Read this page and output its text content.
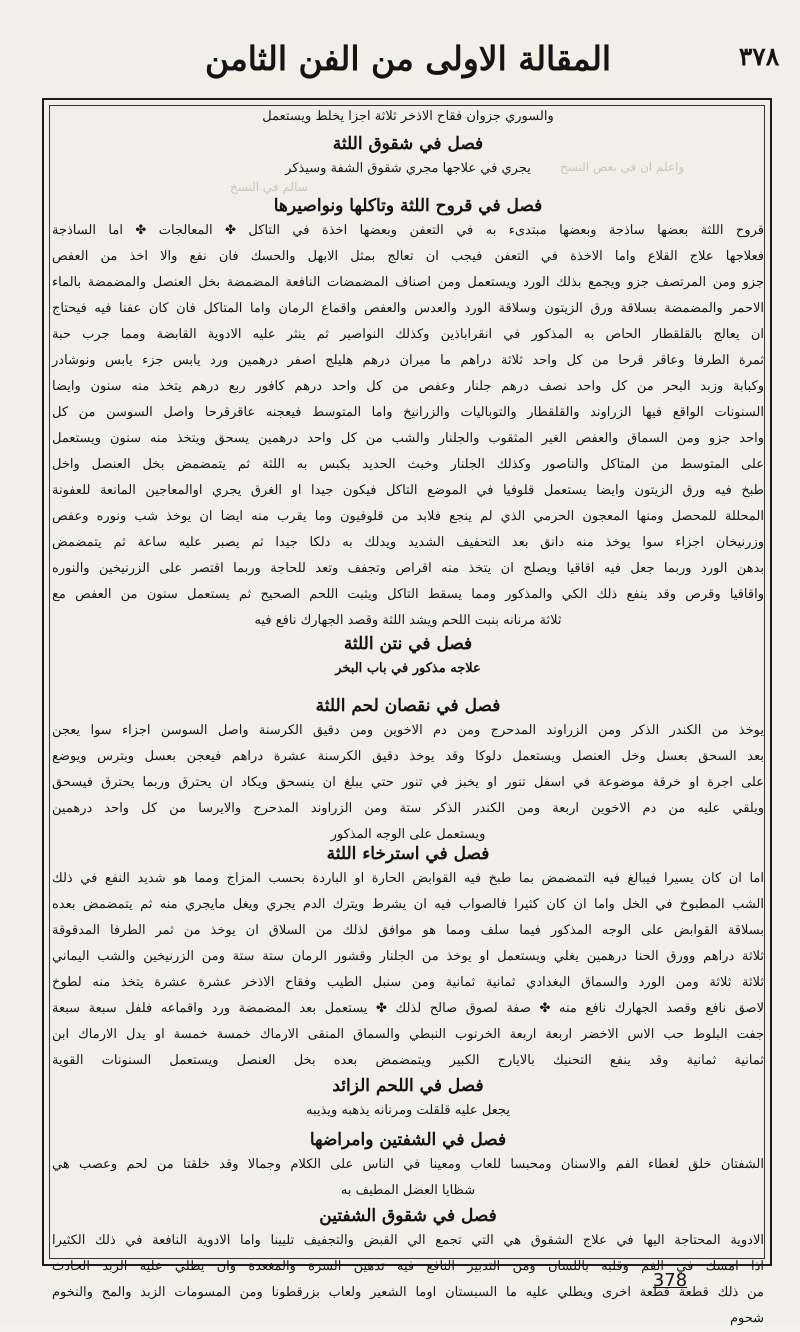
المقالة الاولى من الفن الثامن	۳۷۸
واعلم ان في بعض النسخ
سالم في النسخ
والسوري جزوان فقاح الاذخر ثلاثة اجزا يخلط ويستعمل
فصل في شقوق اللثة
يجري في علاجها مجري شقوق الشفة وسيذكر
فصل في قروح اللثة وتاكلها ونواصيرها
قروح اللثة بعضها ساذجة وبعضها مبتدىء به في التعفن وبعضها اخذة في التاكل ✤ المعالجات ✤ اما الساذجة
فعلاجها علاج القلاع واما الاخذة في التعفن فيجب ان تعالج بمثل الابهل والحسك فان نفع والا اخذ من العفص
جزو ومن المرتصف جزو ويجمع بذلك الورد ويستعمل ومن اصناف المضمضات النافعة المضمضة بخل العنصل والمضمضة بالماء
الاحمر والمضمضة بسلاقة ورق الزيتون وسلاقة الورد والعدس والعفص واقماع الرمان واما المتاكل فان كان عفنا فيه فيحتاج
ان يعالج بالقلقطار الحاص به المذكور في انقراباذين وكذلك النواصير ثم ينثر عليه الادوية القابضة ومما جرب حبة
ثمرة الطرفا وعاقر قرحا من كل واحد ثلاثة دراهم ما ميران درهم هليلج اصفر درهمين ورد يابس جزء يابس ونوشادر
وكبابة وزبد البحر من كل واحد نصف درهم جلنار وعفص من كل واحد درهم كافور ربع درهم يتخذ منه سنون وايضا
السنونات الواقع فيها الزراوند والقلقطار والتوباليات والزرانيخ واما المتوسط فيعجنه عاقرقرحا واصل السوسن من كل
واحد جزو ومن السماق والعفص الغير المثقوب والجلنار والشب من كل واحد درهمين يسحق ويتخذ منه سنون ويستعمل
على المتوسط من المتاكل والناصور وكذلك الجلنار وخبث الحديد بكبس به اللثة ثم يتمضمض بخل العنصل واخل
طبخ فيه ورق الزيتون وايضا يستعمل قلوفيا في الموضع التاكل فيكون جيدا او الغرق يجري اوالمعاجين المانعة للعفونة
المحللة للمحصل ومنها المعجون الحرمي الذي لم ينجع فلابد من قلوفيون وما يقرب منه ايضا ان يوخذ شب ونوره وعفص
وزرنيخان اجزاء سوا يوخذ منه دانق بعد التحفيف الشديد ويدلك به دلكا جيدا ثم يصبر عليه ساعة ثم يتمضمض
بدهن الورد وربما جعل فيه اقاقيا ويصلح ان يتخذ منه اقراص وتجفف وتعد للحاجة وربما اقتصر على الزرنيخين والنوره
واقاقيا وقرص وقد ينفع ذلك الكي والمذكور ومما يسقط التاكل ويثبت اللحم الصحيح ثم يستعمل سنون من العفص مع
ثلاثة مرنانه بنبت اللحم ويشد اللثة وقصد الجهارك نافع فيه
فصل في نتن اللثة
علاجه مذكور في باب البخر
فصل في نقصان لحم اللثة
يوخذ من الكندر الذكر ومن الزراوند المدحرج ومن دم الاخوين ومن دقيق الكرسنة واصل السوسن اجزاء سوا يعجن
بعد السحق بعسل وخل العنصل ويستعمل دلوكا وقد يوخذ دقيق الكرسنة عشرة دراهم فيعجن بعسل وبترس ويوضع
على اجرة او خرقة موضوعة في اسفل تنور او يخبز في تنور حتي يبلغ ان ينسحق ويكاد ان يحترق وربما يحترق فيسحق
ويلقي عليه من دم الاخوين اربعة ومن الكندر الذكر ستة ومن الزراوند المدحرج والايرسا من كل واحد درهمين
ويستعمل على الوجه المذكور
فصل في استرخاء اللثة
اما ان كان يسيرا فيبالغ فيه التمضمض بما طبخ فيه القوابض الحارة او الباردة بحسب المزاج ومما هو شديد النفع في ذلك
الشب المطبوخ في الخل واما ان كان كثيرا فالصواب فيه ان يشرط ويترك الدم يجري ويغل مايجري منه ثم يتمضمض بعده
بسلاقة القوابض على الوجه المذكور فيما سلف ومما هو موافق لذلك من السلاق ان يوخذ من ثمر الطرفا المدقوقة
ثلاثة دراهم وورق الحنا درهمين يغلي ويستعمل او يوخذ من الجلنار وقشور الرمان ستة ستة ومن الزرنيخين والشب اليماني
ثلاثة ثلاثة ومن الورد والسماق البغدادي ثمانية ثمانية ومن سنبل الطيب وفقاح الاذخر عشرة عشرة يتخذ منه لطوخ
لاصق نافع وقصد الجهارك نافع منه ✤ صفة لصوق صالح لذلك ✤ يستعمل بعد المضمضة ورد واقماعه فلفل سبعة سبعة
جفت البلوط حب الاس الاخضر اربعة اربعة الخرنوب النبطي والسماق المنقى الارماك خمسة خمسة او يدل الارماك ابن
ثمانية ثمانية وقد ينفع التحنيك بالايارج الكبير ويتمضمض بعده بخل العنصل ويستعمل السنونات القوية
فصل في اللحم الزائد
يجعل عليه قلقلت ومرنانه يذهبه ويذيبه
فصل في الشفتين وامراضها
الشفتان خلق لغطاء الفم والاسنان ومحبسا للعاب ومعينا في الناس على الكلام وجمالا وقد خلقتا من لحم وعصب هي
شظايا العضل المطيف به
فصل في شقوق الشفتين
الادوية المحتاجة اليها في علاج الشقوق هي التي تجمع الي القبض والتجفيف تليينا واما الادوية النافعة في ذلك الكثيرا
اذا امسك في الفم وقلبه باللسان ومن التدبير النافع فيه تدهين السرة والمغعدة وان يطلي عليه الزبد الحادث
من ذلك قطعة قطعة اخرى ويطلي عليه ما السبستان اوما الشعير ولعاب بزرقطونا ومن المسومات الزبد والمح والنخوم
شحوم
378
